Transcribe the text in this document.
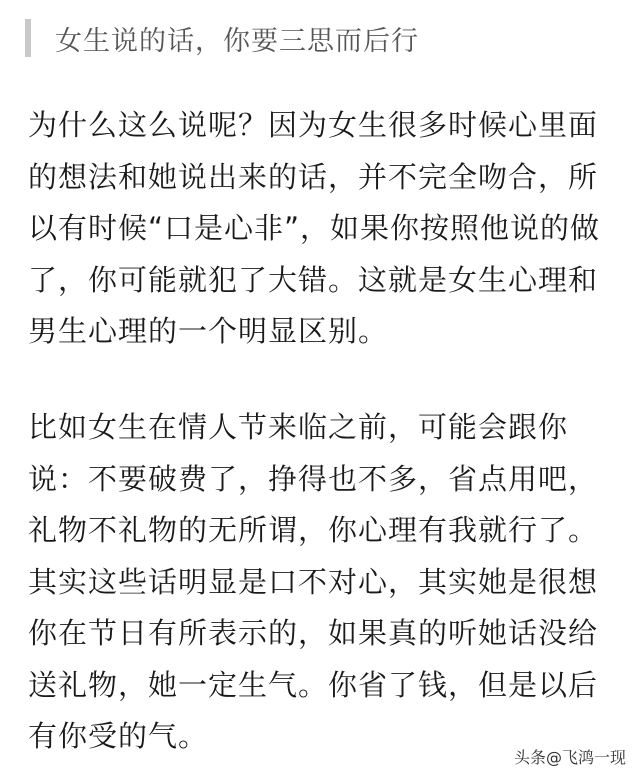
女生说的话，你要三思而后行
为什么这么说呢？因为女生很多时候心里面
的想法和她说出来的话，并不完全吻合，所
以有时候“口是心非”，如果你按照他说的做
了，你可能就犯了大错。这就是女生心理和
男生心理的一个明显区别。
比如女生在情人节来临之前，可能会跟你
说：不要破费了，挣得也不多，省点用吧，
礼物不礼物的无所谓，你心理有我就行了。
其实这些话明显是口不对心，其实她是很想
你在节日有所表示的，如果真的听她话没给
送礼物，她一定生气。你省了钱，但是以后
有你受的气。
头条@飞鸿一现
